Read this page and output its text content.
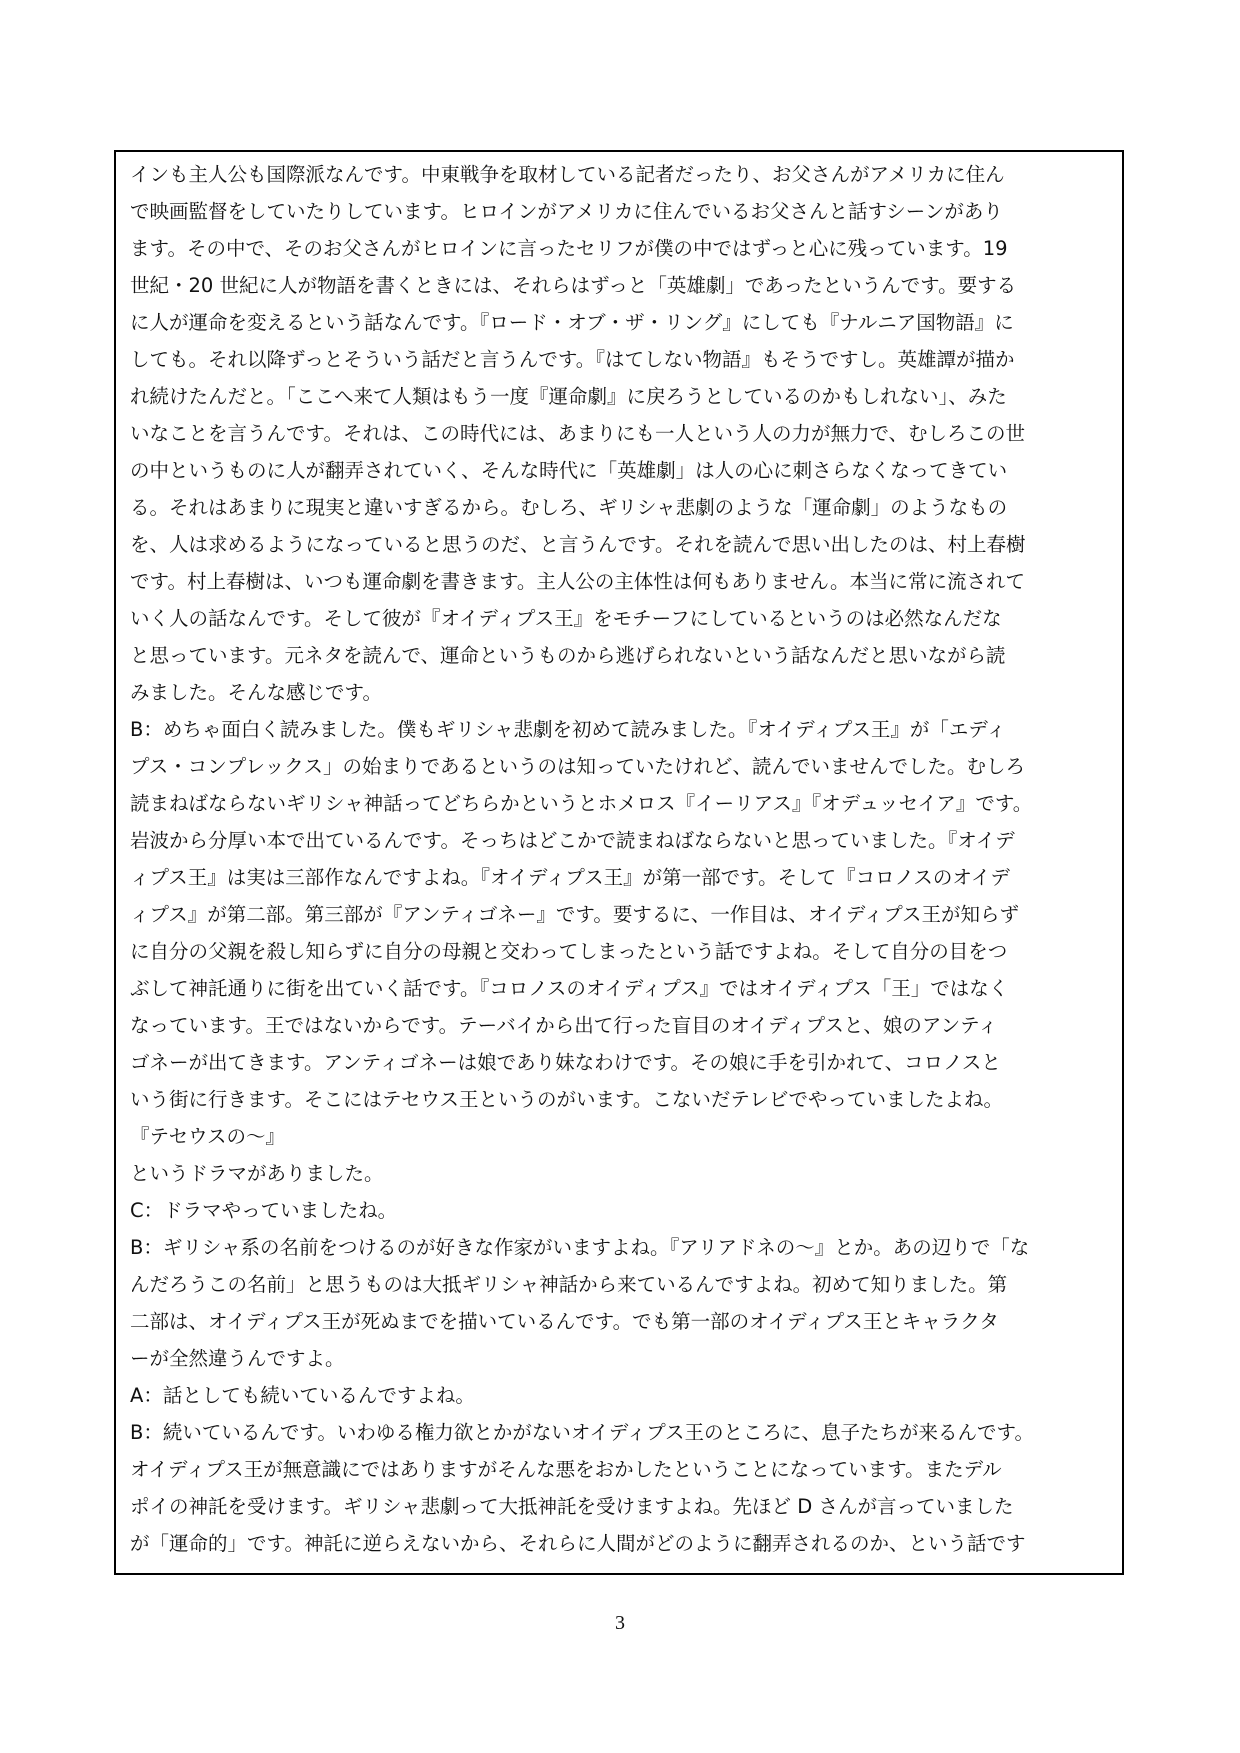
インも主人公も国際派なんです。中東戦争を取材している記者だったり、お父さんがアメリカに住ん
で映画監督をしていたりしています。ヒロインがアメリカに住んでいるお父さんと話すシーンがあり
ます。その中で、そのお父さんがヒロインに言ったセリフが僕の中ではずっと心に残っています。19
世紀・20 世紀に人が物語を書くときには、それらはずっと「英雄劇」であったというんです。要する
に人が運命を変えるという話なんです。『ロード・オブ・ザ・リング』にしても『ナルニア国物語』に
しても。それ以降ずっとそういう話だと言うんです。『はてしない物語』もそうですし。英雄譚が描か
れ続けたんだと。「ここへ来て人類はもう一度『運命劇』に戻ろうとしているのかもしれない」、みた
いなことを言うんです。それは、この時代には、あまりにも一人という人の力が無力で、むしろこの世
の中というものに人が翻弄されていく、そんな時代に「英雄劇」は人の心に刺さらなくなってきてい
る。それはあまりに現実と違いすぎるから。むしろ、ギリシャ悲劇のような「運命劇」のようなもの
を、人は求めるようになっていると思うのだ、と言うんです。それを読んで思い出したのは、村上春樹
です。村上春樹は、いつも運命劇を書きます。主人公の主体性は何もありません。本当に常に流されて
いく人の話なんです。そして彼が『オイディプス王』をモチーフにしているというのは必然なんだな
と思っています。元ネタを読んで、運命というものから逃げられないという話なんだと思いながら読
みました。そんな感じです。
B：めちゃ面白く読みました。僕もギリシャ悲劇を初めて読みました。『オイディプス王』が「エディ
プス・コンプレックス」の始まりであるというのは知っていたけれど、読んでいませんでした。むしろ
読まねばならないギリシャ神話ってどちらかというとホメロス『イーリアス』『オデュッセイア』です。
岩波から分厚い本で出ているんです。そっちはどこかで読まねばならないと思っていました。『オイデ
ィプス王』は実は三部作なんですよね。『オイディプス王』が第一部です。そして『コロノスのオイデ
ィプス』が第二部。第三部が『アンティゴネー』です。要するに、一作目は、オイディプス王が知らず
に自分の父親を殺し知らずに自分の母親と交わってしまったという話ですよね。そして自分の目をつ
ぶして神託通りに街を出ていく話です。『コロノスのオイディプス』ではオイディプス「王」ではなく
なっています。王ではないからです。テーバイから出て行った盲目のオイディプスと、娘のアンティ
ゴネーが出てきます。アンティゴネーは娘であり妹なわけです。その娘に手を引かれて、コロノスと
いう街に行きます。そこにはテセウス王というのがいます。こないだテレビでやっていましたよね。
『テセウスの～』
というドラマがありました。
C：ドラマやっていましたね。
B：ギリシャ系の名前をつけるのが好きな作家がいますよね。『アリアドネの～』とか。あの辺りで「な
んだろうこの名前」と思うものは大抵ギリシャ神話から来ているんですよね。初めて知りました。第
二部は、オイディプス王が死ぬまでを描いているんです。でも第一部のオイディプス王とキャラクタ
ーが全然違うんですよ。
A：話としても続いているんですよね。
B：続いているんです。いわゆる権力欲とかがないオイディプス王のところに、息子たちが来るんです。
オイディプス王が無意識にではありますがそんな悪をおかしたということになっています。またデル
ポイの神託を受けます。ギリシャ悲劇って大抵神託を受けますよね。先ほど D さんが言っていました
が「運命的」です。神託に逆らえないから、それらに人間がどのように翻弄されるのか、という話です
3
